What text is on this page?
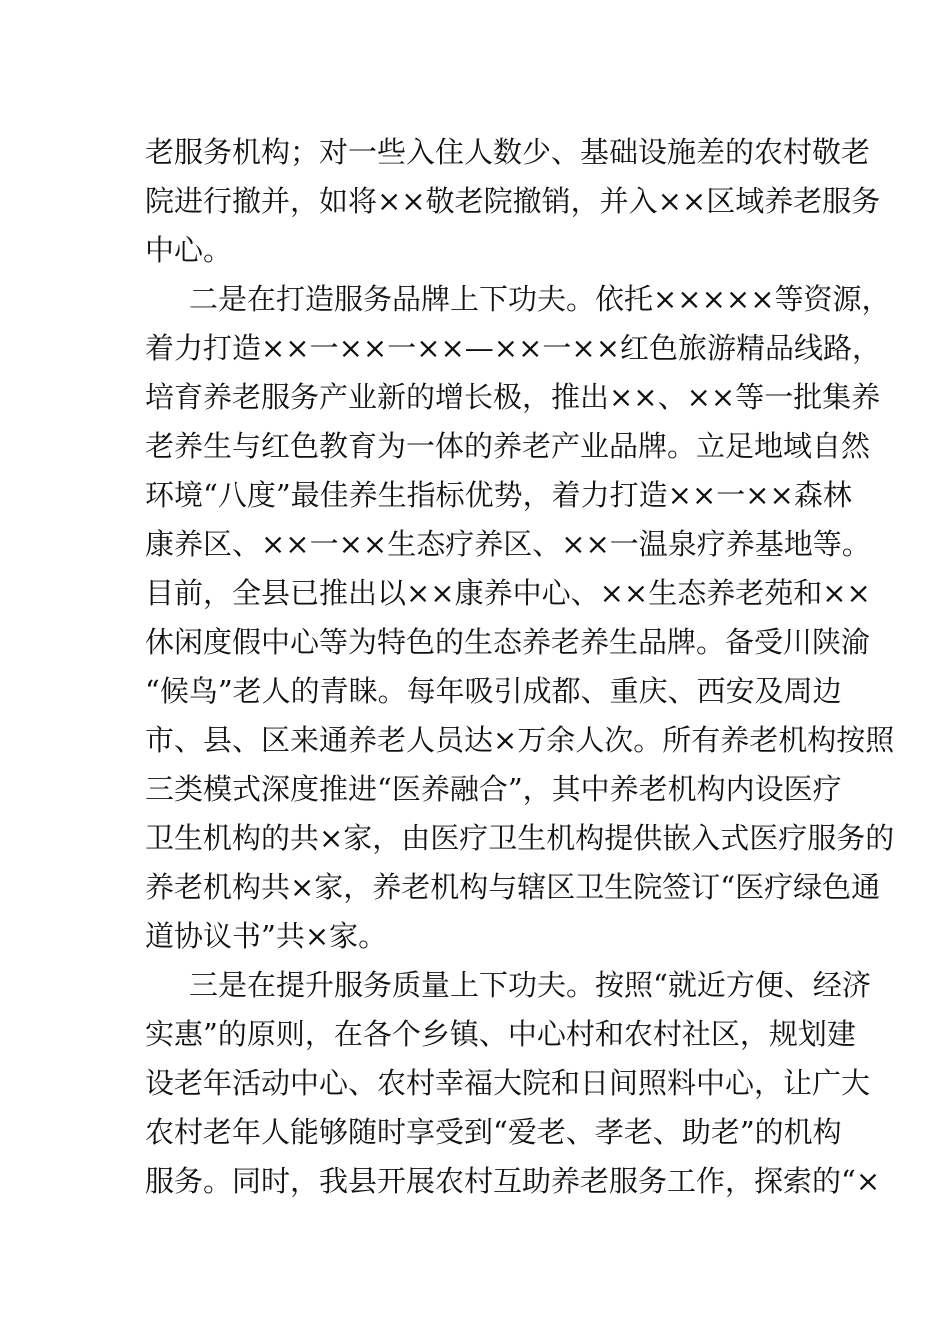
老服务机构；对一些入住人数少、基础设施差的农村敬老
院进行撤并，如将××敬老院撤销，并入××区域养老服务
中心。
二是在打造服务品牌上下功夫。依托×××××等资源，
着力打造××一××一××—××一××红色旅游精品线路，
培育养老服务产业新的增长极，推出××、××等一批集养
老养生与红色教育为一体的养老产业品牌。立足地域自然
环境“八度”最佳养生指标优势，着力打造××一××森林
康养区、××一××生态疗养区、××一温泉疗养基地等。
目前，全县已推出以××康养中心、××生态养老苑和××
休闲度假中心等为特色的生态养老养生品牌。备受川陕渝
“候鸟”老人的青睐。每年吸引成都、重庆、西安及周边
市、县、区来通养老人员达×万余人次。所有养老机构按照
三类模式深度推进“医养融合”，其中养老机构内设医疗
卫生机构的共×家，由医疗卫生机构提供嵌入式医疗服务的
养老机构共×家，养老机构与辖区卫生院签订“医疗绿色通
道协议书”共×家。
三是在提升服务质量上下功夫。按照“就近方便、经济
实惠”的原则，在各个乡镇、中心村和农村社区，规划建
设老年活动中心、农村幸福大院和日间照料中心，让广大
农村老年人能够随时享受到“爱老、孝老、助老”的机构
服务。同时，我县开展农村互助养老服务工作，探索的“×
